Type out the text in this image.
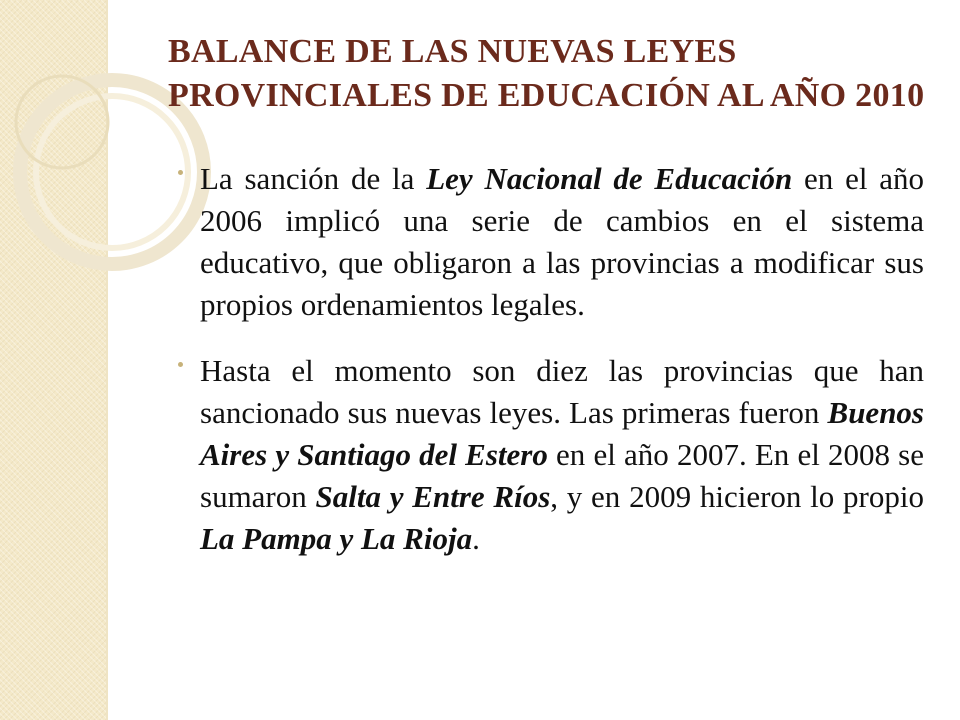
BALANCE DE LAS NUEVAS LEYES PROVINCIALES DE EDUCACIÓN AL AÑO 2010

La sanción de la Ley Nacional de Educación en el año 2006 implicó una serie de cambios en el sistema educativo, que obligaron a las provincias a modificar sus propios ordenamientos legales.

Hasta el momento son diez las provincias que han sancionado sus nuevas leyes. Las primeras fueron Buenos Aires y Santiago del Estero en el año 2007. En el 2008 se sumaron Salta y Entre Ríos, y en 2009 hicieron lo propio La Pampa y La Rioja.
